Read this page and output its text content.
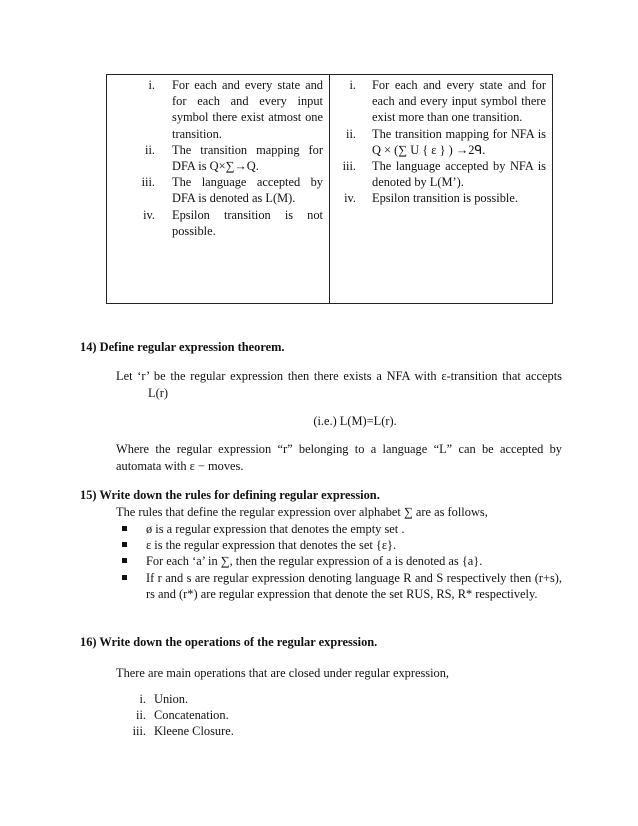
i.	For each and every state and for each and every input symbol there exist atmost one transition.
ii.	The transition mapping for DFA is Q×∑→Q.
iii.	The language accepted by DFA is denoted as L(M).
iv.	Epsilon transition is not possible.
i.	For each and every state and for each and every input symbol there exist more than one transition.
ii.	The transition mapping for NFA is Q × (∑ U { ε } ) →2ᑫ.
iii.	The language accepted by NFA is denoted by L(M’).
iv.	Epsilon transition is possible.
14) Define regular expression theorem.
Let ‘r’ be the regular expression then there exists a NFA with ε-transition that accepts
L(r)
(i.e.) L(M)=L(r).
Where the regular expression “r” belonging to a language “L” can be accepted by
automata with ε − moves.
15) Write down the rules for defining regular expression.
The rules that define the regular expression over alphabet ∑ are as follows,
ø is a regular expression that denotes the empty set .
ε is the regular expression that denotes the set {ε}.
For each ‘a’ in ∑, then the regular expression of a is denoted as {a}.
If r and s are regular expression denoting language R and S respectively then (r+s), rs and (r*) are regular expression that denote the set RUS, RS, R* respectively.
16) Write down the operations of the regular expression.
There are main operations that are closed under regular expression,
i. Union.
ii. Concatenation.
iii. Kleene Closure.
